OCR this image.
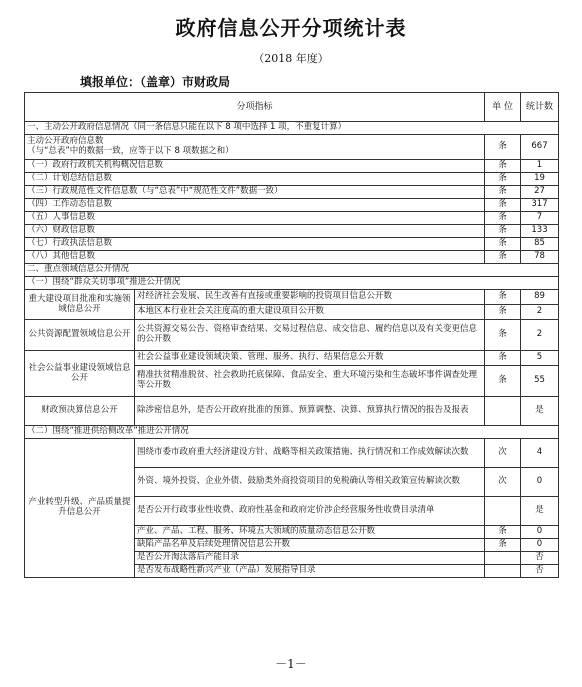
政府信息公开分项统计表
（2018 年度）
填报单位：（盖章）市财政局
分项指标		单 位	统计数
一、主动公开政府信息情况（同一条信息只能在以下 8 项中选择 1 项，不重复计算）			
主动公开政府信息数
（与“总表”中的数据一致，应等于以下 8 项数据之和）		条	667
（一）政府行政机关机构概况信息数		条	1
（二）计划总结信息数		条	19
（三）行政规范性文件信息数（与“总表”中“规范性文件”数据一致）		条	27
（四）工作动态信息数		条	317
（五）人事信息数		条	7
（六）财政信息数		条	133
（七）行政执法信息数		条	85
（八）其他信息数		条	78
二、重点领域信息公开情况			
（一）围绕“群众关切事项”推进公开情况			
重大建设项目批准和实施领域信息公开	对经济社会发展、民生改善有直接或重要影响的投资项目信息公开数	条	89
	本地区本行业社会关注度高的重大建设项目公开数	条	2
公共资源配置领域信息公开	公共资源交易公告、资格审查结果、交易过程信息、成交信息、履约信息以及有关变更信息的公开数	条	2
社会公益事业建设领域信息公开	社会公益事业建设领域决策、管理、服务、执行、结果信息公开数	条	5
	精准扶贫精准脱贫、社会救助托底保障、食品安全、重大环境污染和生态破坏事件调查处理等公开数	条	55
财政预决算信息公开	除涉密信息外，是否公开政府批准的预算、预算调整、决算、预算执行情况的报告及报表		是
（二）围绕“推进供给侧改革”推进公开情况			
产业转型升级、产品质量提升信息公开	围绕市委市政府重大经济建设方针、战略等相关政策措施、执行情况和工作成效解读次数	次	4
	外资、境外投资、企业外债、鼓励类外商投资项目的免税确认等相关政策宣传解读次数	次	0
	是否公开行政事业性收费、政府性基金和政府定价涉企经营服务性收费目录清单		是
	产业、产品、工程、服务、环境五大领域的质量动态信息公开数	条	0
	缺陷产品名单及后续处理情况信息公开数	条	0
	是否公开淘汰落后产能目录		否
	是否发布战略性新兴产业（产品）发展指导目录		否
－1－
